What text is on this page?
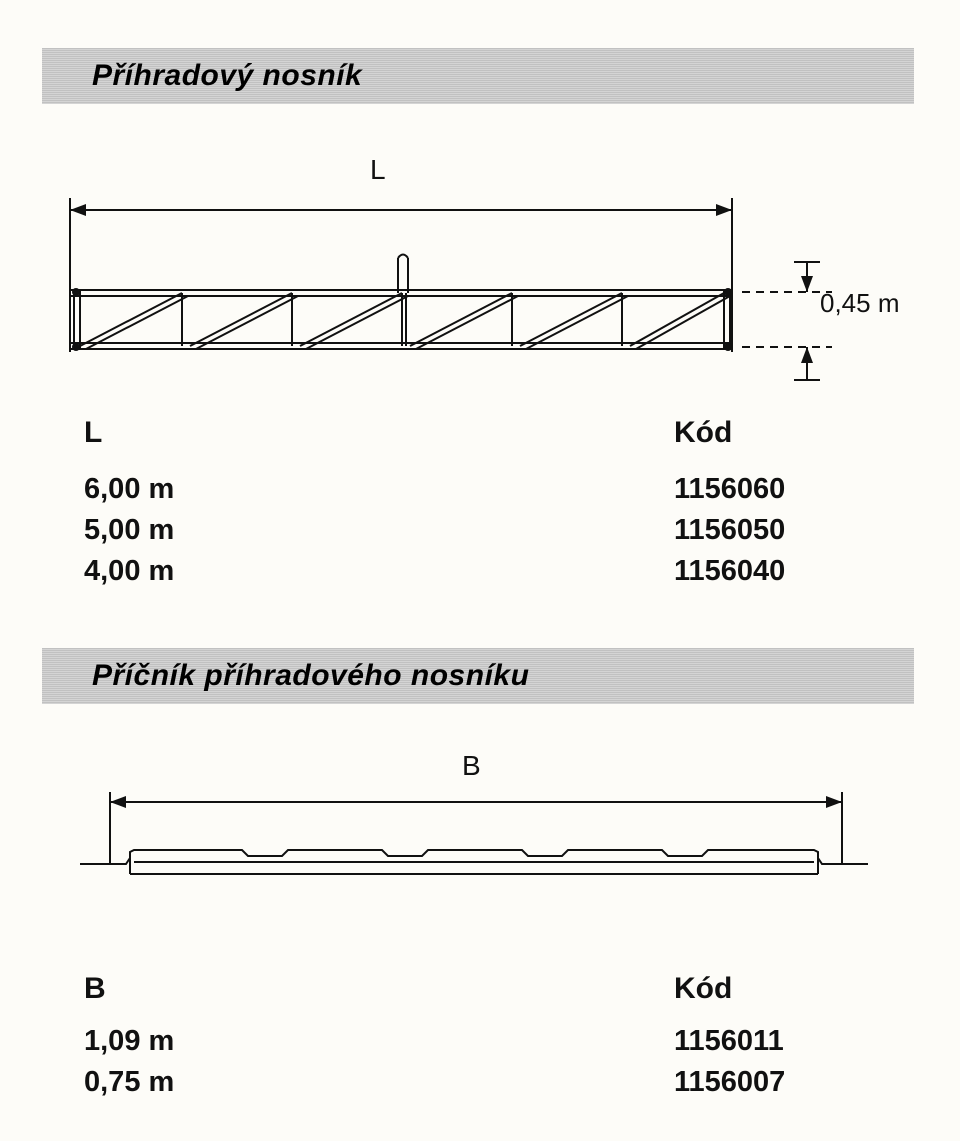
Příhradový nosník
L
0,45 m
L	Kód
6,00 m	1156060
5,00 m	1156050
4,00 m	1156040
Příčník příhradového nosníku
B
B	Kód
1,09 m	1156011
0,75 m	1156007
